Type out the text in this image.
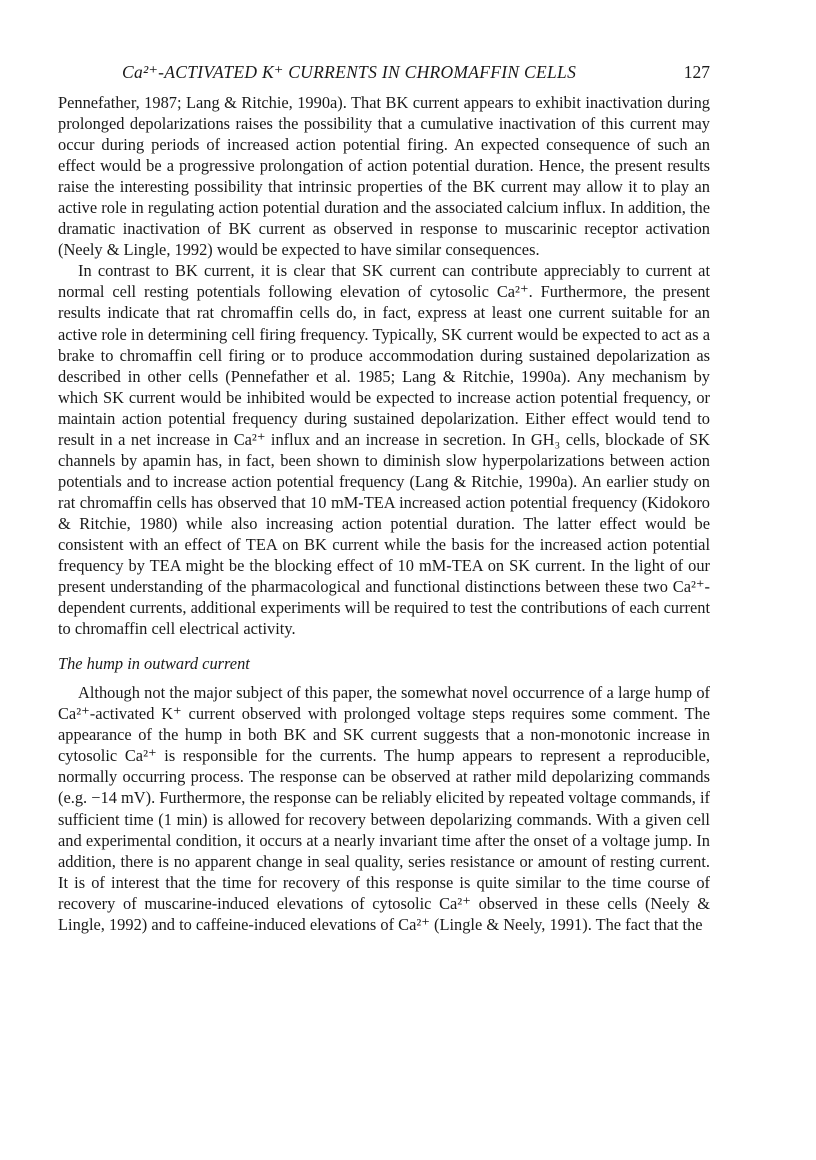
Ca²⁺-ACTIVATED K⁺ CURRENTS IN CHROMAFFIN CELLS	127

Pennefather, 1987; Lang & Ritchie, 1990a). That BK current appears to exhibit inactivation during prolonged depolarizations raises the possibility that a cumulative inactivation of this current may occur during periods of increased action potential firing. An expected consequence of such an effect would be a progressive prolongation of action potential duration. Hence, the present results raise the interesting possibility that intrinsic properties of the BK current may allow it to play an active role in regulating action potential duration and the associated calcium influx. In addition, the dramatic inactivation of BK current as observed in response to muscarinic receptor activation (Neely & Lingle, 1992) would be expected to have similar consequences.

In contrast to BK current, it is clear that SK current can contribute appreciably to current at normal cell resting potentials following elevation of cytosolic Ca²⁺. Furthermore, the present results indicate that rat chromaffin cells do, in fact, express at least one current suitable for an active role in determining cell firing frequency. Typically, SK current would be expected to act as a brake to chromaffin cell firing or to produce accommodation during sustained depolarization as described in other cells (Pennefather et al. 1985; Lang & Ritchie, 1990a). Any mechanism by which SK current would be inhibited would be expected to increase action potential frequency, or maintain action potential frequency during sustained depolarization. Either effect would tend to result in a net increase in Ca²⁺ influx and an increase in secretion. In GH₃ cells, blockade of SK channels by apamin has, in fact, been shown to diminish slow hyperpolarizations between action potentials and to increase action potential frequency (Lang & Ritchie, 1990a). An earlier study on rat chromaffin cells has observed that 10 mM-TEA increased action potential frequency (Kidokoro & Ritchie, 1980) while also increasing action potential duration. The latter effect would be consistent with an effect of TEA on BK current while the basis for the increased action potential frequency by TEA might be the blocking effect of 10 mM-TEA on SK current. In the light of our present understanding of the pharmacological and functional distinctions between these two Ca²⁺-dependent currents, additional experiments will be required to test the contributions of each current to chromaffin cell electrical activity.

The hump in outward current

Although not the major subject of this paper, the somewhat novel occurrence of a large hump of Ca²⁺-activated K⁺ current observed with prolonged voltage steps requires some comment. The appearance of the hump in both BK and SK current suggests that a non-monotonic increase in cytosolic Ca²⁺ is responsible for the currents. The hump appears to represent a reproducible, normally occurring process. The response can be observed at rather mild depolarizing commands (e.g. −14 mV). Furthermore, the response can be reliably elicited by repeated voltage commands, if sufficient time (1 min) is allowed for recovery between depolarizing commands. With a given cell and experimental condition, it occurs at a nearly invariant time after the onset of a voltage jump. In addition, there is no apparent change in seal quality, series resistance or amount of resting current. It is of interest that the time for recovery of this response is quite similar to the time course of recovery of muscarine-induced elevations of cytosolic Ca²⁺ observed in these cells (Neely & Lingle, 1992) and to caffeine-induced elevations of Ca²⁺ (Lingle & Neely, 1991). The fact that the
